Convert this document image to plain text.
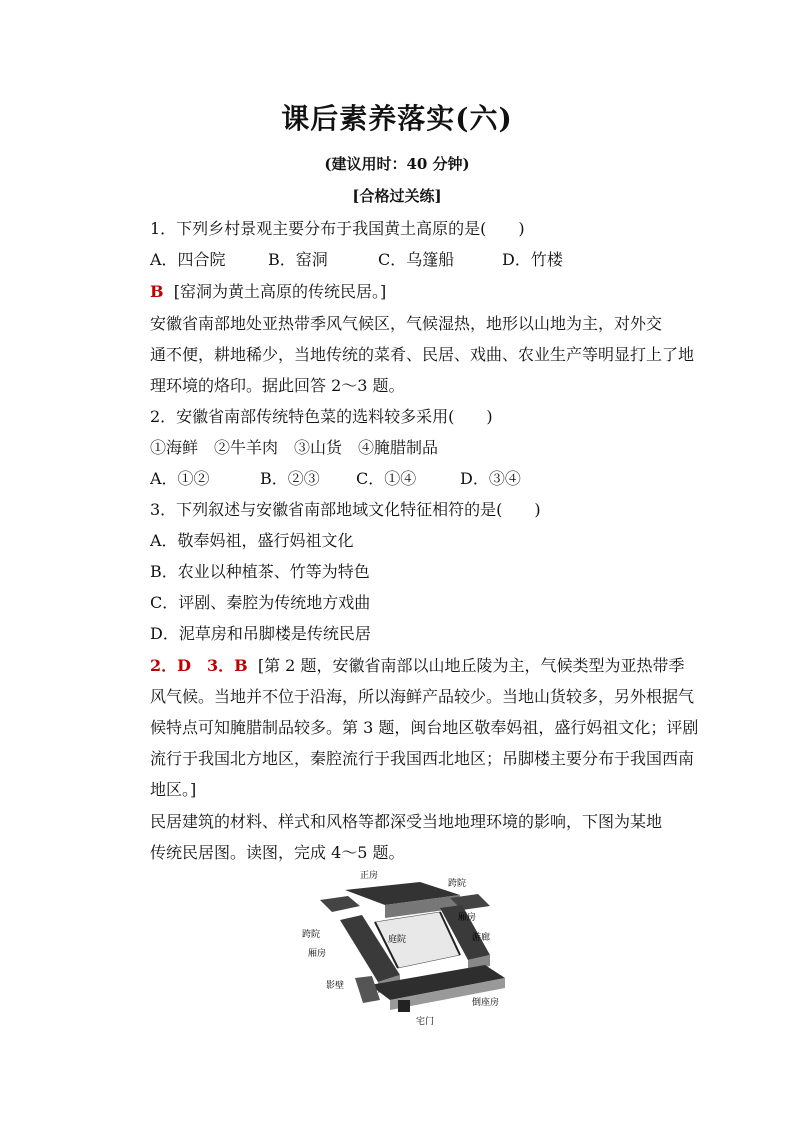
课后素养落实(六)
(建议用时：40 分钟)
[合格过关练]
1．下列乡村景观主要分布于我国黄土高原的是(　　)
A．四合院	B．窑洞	C．乌篷船	D．竹楼
B [窑洞为黄土高原的传统民居。]
安徽省南部地处亚热带季风气候区，气候湿热，地形以山地为主，对外交
通不便，耕地稀少，当地传统的菜肴、民居、戏曲、农业生产等明显打上了地
理环境的烙印。据此回答 2～3 题。
2．安徽省南部传统特色菜的选料较多采用(　　)
①海鲜　②牛羊肉　③山货　④腌腊制品
A．①②	B．②③ C．①④	D．③④
3．下列叙述与安徽省南部地域文化特征相符的是(　　)
A．敬奉妈祖，盛行妈祖文化
B．农业以种植茶、竹等为特色
C．评剧、秦腔为传统地方戏曲
D．泥草房和吊脚楼是传统民居
2．D　3．B [第 2 题，安徽省南部以山地丘陵为主，气候类型为亚热带季
风气候。当地并不位于沿海，所以海鲜产品较少。当地山货较多，另外根据气
候特点可知腌腊制品较多。第 3 题，闽台地区敬奉妈祖，盛行妈祖文化；评剧
流行于我国北方地区，秦腔流行于我国西北地区；吊脚楼主要分布于我国西南
地区。]
民居建筑的材料、样式和风格等都深受当地地理环境的影响，下图为某地
传统民居图。读图，完成 4～5 题。
正房
跨院
厢房
跨院	庭院	游廊
厢房
影壁
倒座房
宅门
